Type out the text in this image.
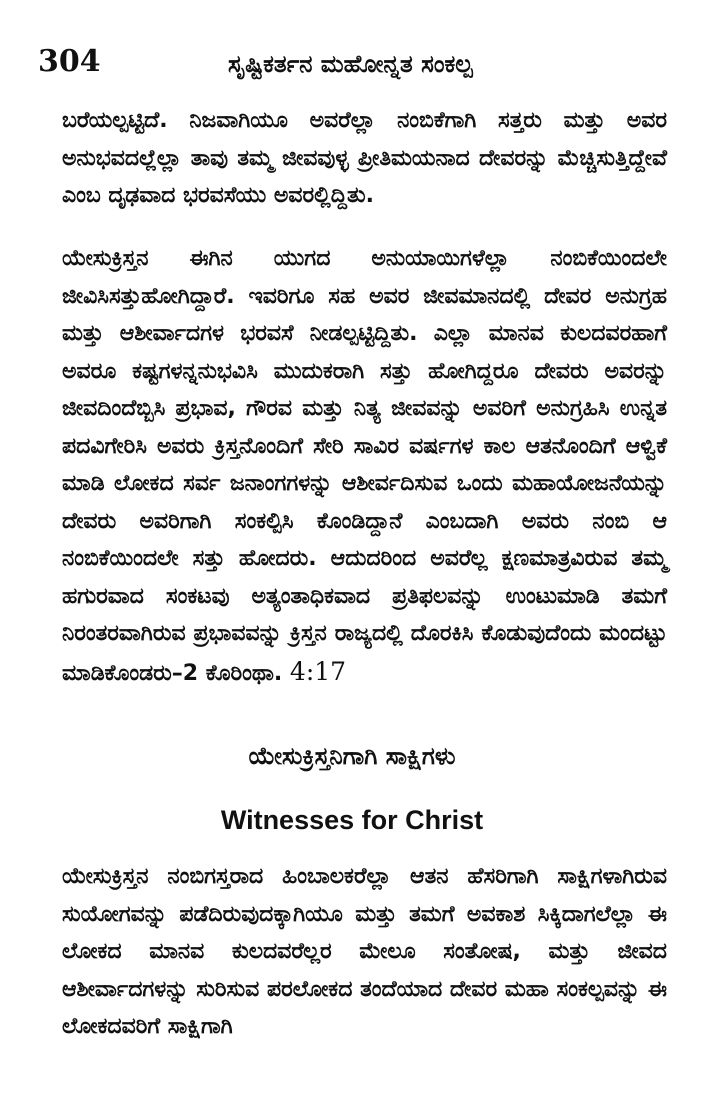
304	ಸೃಷ್ಟಿಕರ್ತನ ಮಹೋನ್ನತ ಸಂಕಲ್ಪ

ಬರೆಯಲ್ಪಟ್ಟಿದೆ. ನಿಜವಾಗಿಯೂ ಅವರೆಲ್ಲಾ ನಂಬಿಕೆಗಾಗಿ ಸತ್ತರು ಮತ್ತು ಅವರ ಅನುಭವದಲ್ಲೆಲ್ಲಾ ತಾವು ತಮ್ಮ ಜೀವವುಳ್ಳ ಪ್ರೀತಿಮಯನಾದ ದೇವರನ್ನು ಮೆಚ್ಚಿಸುತ್ತಿದ್ದೇವೆ ಎಂಬ ದೃಢವಾದ ಭರವಸೆಯು ಅವರಲ್ಲಿದ್ದಿತು.

ಯೇಸುಕ್ರಿಸ್ತನ ಈಗಿನ ಯುಗದ ಅನುಯಾಯಿಗಳೆಲ್ಲಾ ನಂಬಿಕೆಯಿಂದಲೇ ಜೀವಿಸಿಸತ್ತುಹೋಗಿದ್ದಾರೆ. ಇವರಿಗೂ ಸಹ ಅವರ ಜೀವಮಾನದಲ್ಲಿ ದೇವರ ಅನುಗ್ರಹ ಮತ್ತು ಆಶೀರ್ವಾದಗಳ ಭರವಸೆ ನೀಡಲ್ಪಟ್ಟಿದ್ದಿತು. ಎಲ್ಲಾ ಮಾನವ ಕುಲದವರಹಾಗೆ ಅವರೂ ಕಷ್ಟಗಳನ್ನನುಭವಿಸಿ ಮುದುಕರಾಗಿ ಸತ್ತು ಹೋಗಿದ್ದರೂ ದೇವರು ಅವರನ್ನು ಜೀವದಿಂದೆಬ್ಬಿಸಿ ಪ್ರಭಾವ, ಗೌರವ ಮತ್ತು ನಿತ್ಯ ಜೀವವನ್ನು ಅವರಿಗೆ ಅನುಗ್ರಹಿಸಿ ಉನ್ನತ ಪದವಿಗೇರಿಸಿ ಅವರು ಕ್ರಿಸ್ತನೊಂದಿಗೆ ಸೇರಿ ಸಾವಿರ ವರ್ಷಗಳ ಕಾಲ ಆತನೊಂದಿಗೆ ಆಳ್ವಿಕೆ ಮಾಡಿ ಲೋಕದ ಸರ್ವ ಜನಾಂಗಗಳನ್ನು ಆಶೀರ್ವದಿಸುವ ಒಂದು ಮಹಾಯೋಜನೆಯನ್ನು ದೇವರು ಅವರಿಗಾಗಿ ಸಂಕಲ್ಪಿಸಿ ಕೊಂಡಿದ್ದಾನೆ ಎಂಬದಾಗಿ ಅವರು ನಂಬಿ ಆ ನಂಬಿಕೆಯಿಂದಲೇ ಸತ್ತು ಹೋದರು. ಆದುದರಿಂದ ಅವರೆಲ್ಲ ಕ್ಷಣಮಾತ್ರವಿರುವ ತಮ್ಮ ಹಗುರವಾದ ಸಂಕಟವು ಅತ್ಯಂತಾಧಿಕವಾದ ಪ್ರತಿಫಲವನ್ನು ಉಂಟುಮಾಡಿ ತಮಗೆ ನಿರಂತರವಾಗಿರುವ ಪ್ರಭಾವವನ್ನು ಕ್ರಿಸ್ತನ ರಾಜ್ಯದಲ್ಲಿ ದೊರಕಿಸಿ ಕೊಡುವುದೆಂದು ಮಂದಟ್ಟು ಮಾಡಿಕೊಂಡರು–2 ಕೊರಿಂಥಾ. 4:17

ಯೇಸುಕ್ರಿಸ್ತನಿಗಾಗಿ ಸಾಕ್ಷಿಗಳು
Witnesses for Christ

ಯೇಸುಕ್ರಿಸ್ತನ ನಂಬಿಗಸ್ತರಾದ ಹಿಂಬಾಲಕರೆಲ್ಲಾ ಆತನ ಹೆಸರಿಗಾಗಿ ಸಾಕ್ಷಿಗಳಾಗಿರುವ ಸುಯೋಗವನ್ನು ಪಡೆದಿರುವುದಕ್ಕಾಗಿಯೂ ಮತ್ತು ತಮಗೆ ಅವಕಾಶ ಸಿಕ್ಕಿದಾಗಲೆಲ್ಲಾ ಈ ಲೋಕದ ಮಾನವ ಕುಲದವರೆಲ್ಲರ ಮೇಲೂ ಸಂತೋಷ, ಮತ್ತು ಜೀವದ ಆಶೀರ್ವಾದಗಳನ್ನು ಸುರಿಸುವ ಪರಲೋಕದ ತಂದೆಯಾದ ದೇವರ ಮಹಾ ಸಂಕಲ್ಪವನ್ನು ಈ ಲೋಕದವರಿಗೆ ಸಾಕ್ಷಿಗಾಗಿ
